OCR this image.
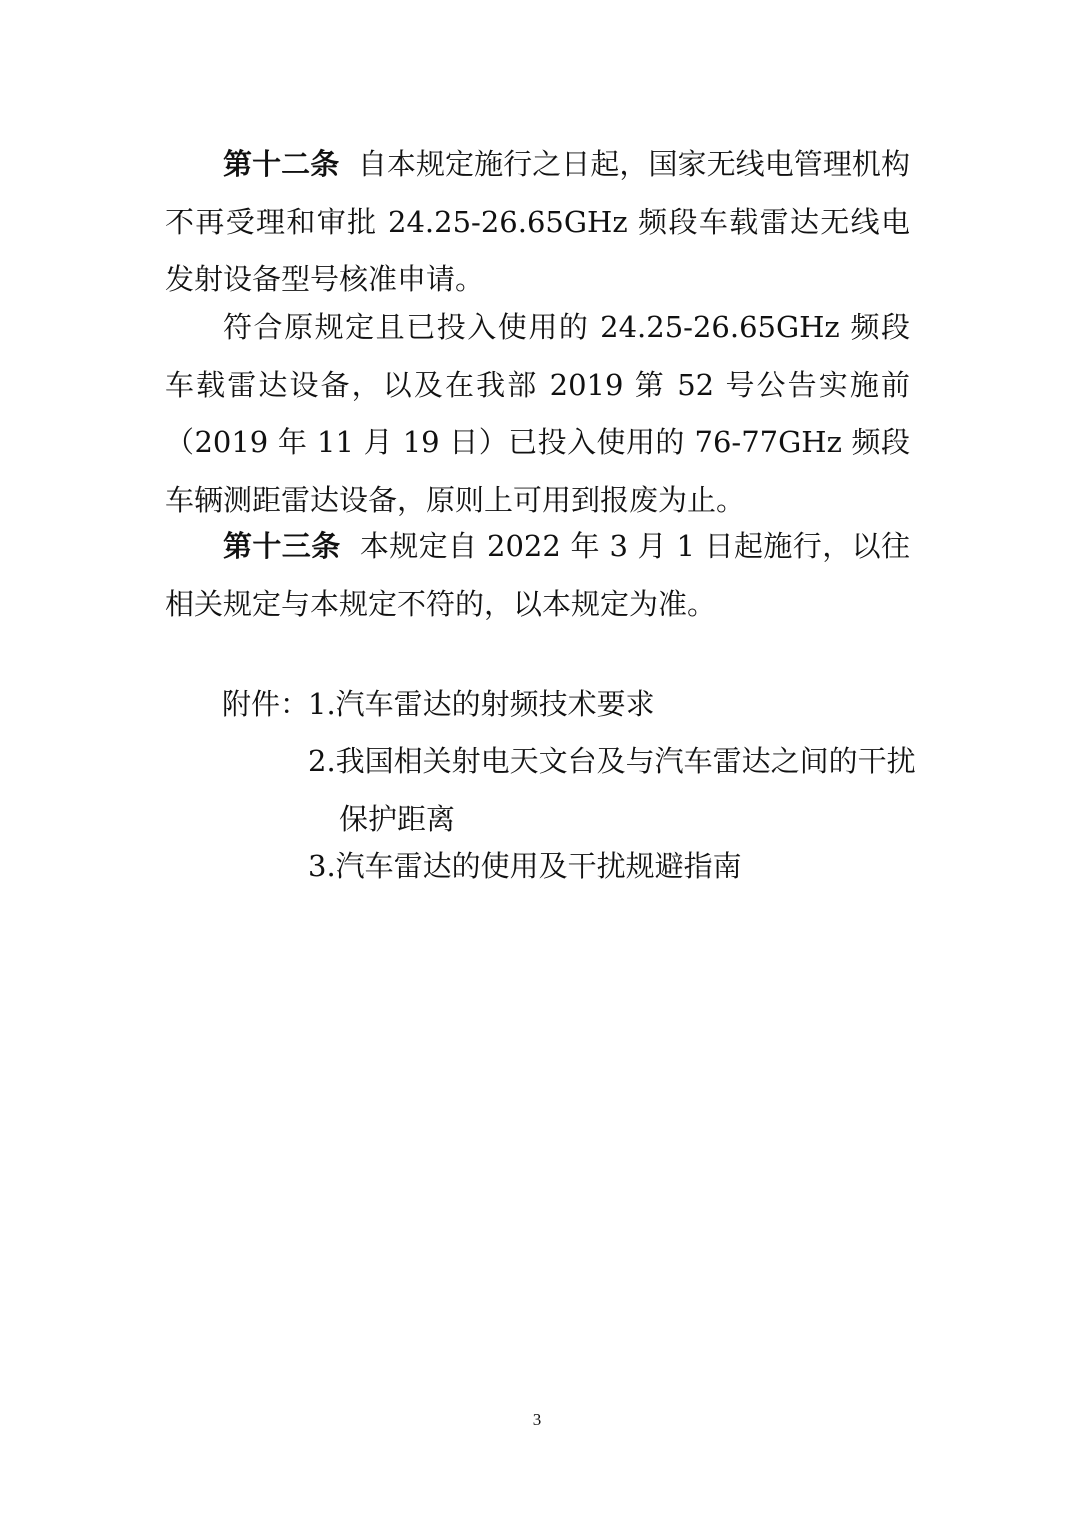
第十二条 自本规定施行之日起，国家无线电管理机构不再受理和审批 24.25-26.65GHz 频段车载雷达无线电发射设备型号核准申请。

符合原规定且已投入使用的 24.25-26.65GHz 频段车载雷达设备，以及在我部 2019 第 52 号公告实施前（2019 年 11 月 19 日）已投入使用的 76-77GHz 频段车辆测距雷达设备，原则上可用到报废为止。

第十三条 本规定自 2022 年 3 月 1 日起施行，以往相关规定与本规定不符的，以本规定为准。

附件：

1.汽车雷达的射频技术要求

2.我国相关射电天文台及与汽车雷达之间的干扰保护距离

3.汽车雷达的使用及干扰规避指南

3
